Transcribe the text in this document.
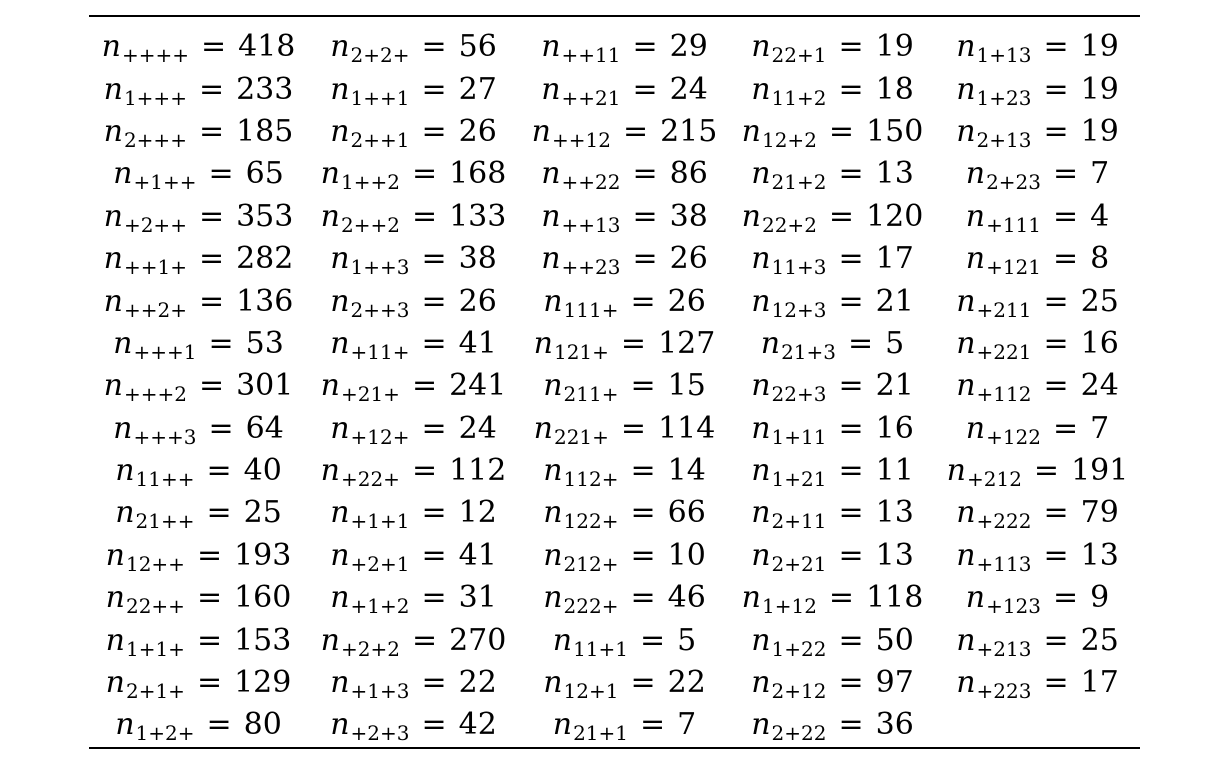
n ++++ = 418 n 2+2+ = 56 n ++11 = 29 n 22+1 = 19 n 1+13 = 19
n 1+++ = 233 n 1++1 = 27 n ++21 = 24 n 11+2 = 18 n 1+23 = 19
n 2+++ = 185 n 2++1 = 26 n ++12 = 215 n 12+2 = 150 n 2+13 = 19
n +1++ = 65 n 1++2 = 168 n ++22 = 86 n 21+2 = 13 n 2+23 = 7
n +2++ = 353 n 2++2 = 133 n ++13 = 38 n 22+2 = 120 n +111 = 4
n ++1+ = 282 n 1++3 = 38 n ++23 = 26 n 11+3 = 17 n +121 = 8
n ++2+ = 136 n 2++3 = 26 n 111+ = 26 n 12+3 = 21 n +211 = 25
n +++1 = 53 n +11+ = 41 n 121+ = 127 n 21+3 = 5 n +221 = 16
n +++2 = 301 n +21+ = 241 n 211+ = 15 n 22+3 = 21 n +112 = 24
n +++3 = 64 n +12+ = 24 n 221+ = 114 n 1+11 = 16 n +122 = 7
n 11++ = 40 n +22+ = 112 n 112+ = 14 n 1+21 = 11 n +212 = 191
n 21++ = 25 n +1+1 = 12 n 122+ = 66 n 2+11 = 13 n +222 = 79
n 12++ = 193 n +2+1 = 41 n 212+ = 10 n 2+21 = 13 n +113 = 13
n 22++ = 160 n +1+2 = 31 n 222+ = 46 n 1+12 = 118 n +123 = 9
n 1+1+ = 153 n +2+2 = 270 n 11+1 = 5 n 1+22 = 50 n +213 = 25
n 2+1+ = 129 n +1+3 = 22 n 12+1 = 22 n 2+12 = 97 n +223 = 17
n 1+2+ = 80 n +2+3 = 42 n 21+1 = 7 n 2+22 = 36
